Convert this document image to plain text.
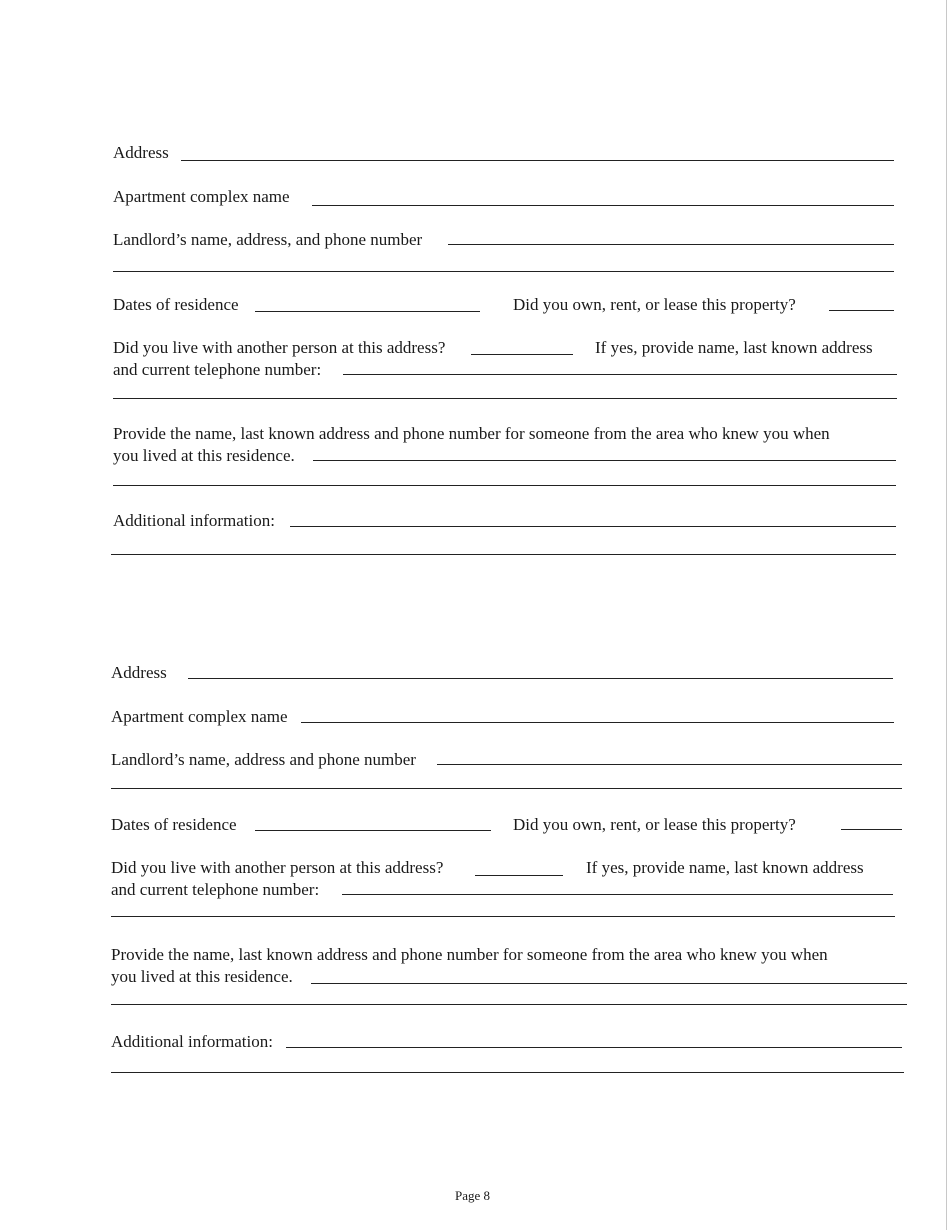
Address
Apartment complex name
Landlord’s name, address, and phone number
Dates of residence	Did you own, rent, or lease this property?
Did you live with another person at this address?	If yes, provide name, last known address
and current telephone number:
Provide the name, last known address and phone number for someone from the area who knew you when
you lived at this residence.
Additional information:
Address
Apartment complex name
Landlord’s name, address and phone number
Dates of residence	Did you own, rent, or lease this property?
Did you live with another person at this address?	If yes, provide name, last known address
and current telephone number:
Provide the name, last known address and phone number for someone from the area who knew you when
you lived at this residence.
Additional information:
Page 8
